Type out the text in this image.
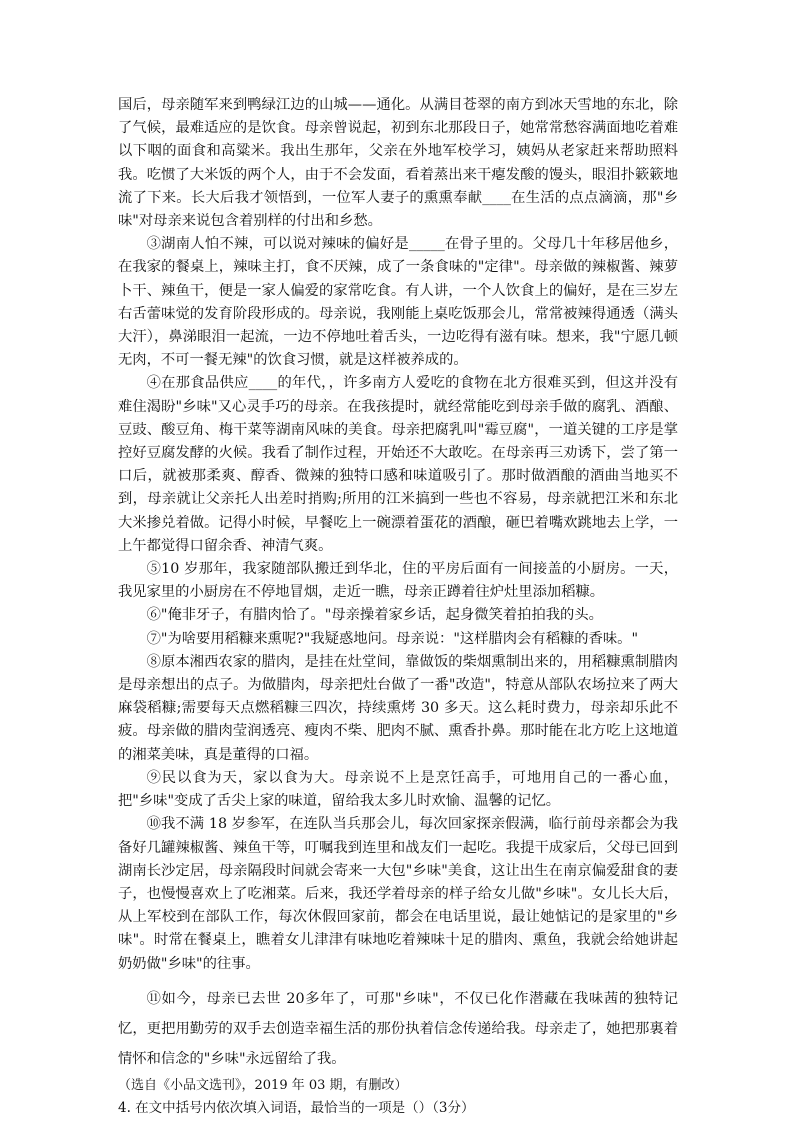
国后，母亲随军来到鸭绿江边的山城——通化。从满目苍翠的南方到冰天雪地的东北，除了气候，最难适应的是饮食。母亲曾说起，初到东北那段日子，她常常愁容满面地吃着难以下咽的面食和高粱米。我出生那年，父亲在外地军校学习，姨妈从老家赶来帮助照料我。吃惯了大米饭的两个人，由于不会发面，看着蒸出来干瘪发酸的馒头，眼泪扑簌簌地流了下来。长大后我才领悟到，一位军人妻子的熏熏奉献____在生活的点点滴滴，那"乡味"对母亲来说包含着别样的付出和乡愁。

③湖南人怕不辣，可以说对辣味的偏好是_____在骨子里的。父母几十年移居他乡，在我家的餐桌上，辣味主打，食不厌辣，成了一条食味的"定律"。母亲做的辣椒酱、辣萝卜干、辣鱼干，便是一家人偏爱的家常吃食。有人讲，一个人饮食上的偏好，是在三岁左右舌蕾味觉的发育阶段形成的。母亲说，我刚能上桌吃饭那会儿，常常被辣得通透（满头大汗），鼻涕眼泪一起流，一边不停地吐着舌头，一边吃得有滋有味。想来，我"宁愿几顿无肉，不可一餐无辣"的饮食习惯，就是这样被养成的。

④在那食品供应____的年代，，许多南方人爱吃的食物在北方很难买到，但这并没有难住渴盼"乡味"又心灵手巧的母亲。在我孩提时，就经常能吃到母亲手做的腐乳、酒酿、豆豉、酸豆角、梅干菜等湖南风味的美食。母亲把腐乳叫"霉豆腐"，一道关键的工序是掌控好豆腐发酵的火候。我看了制作过程，开始还不大敢吃。在母亲再三劝诱下，尝了第一口后，就被那柔爽、醇香、微辣的独特口感和味道吸引了。那时做酒酿的酒曲当地买不到，母亲就让父亲托人出差时捎购;所用的江米搞到一些也不容易，母亲就把江米和东北大米掺兑着做。记得小时候，早餐吃上一碗漂着蛋花的酒酿，砸巴着嘴欢跳地去上学，一上午都觉得口留余香、神清气爽。

⑤10 岁那年，我家随部队搬迁到华北，住的平房后面有一间接盖的小厨房。一天，我见家里的小厨房在不停地冒烟，走近一瞧，母亲正蹲着往炉灶里添加稻糠。

⑥"俺非牙子，有腊肉恰了。"母亲操着家乡话，起身微笑着拍拍我的头。

⑦"为啥要用稻糠来熏呢?"我疑惑地问。母亲说："这样腊肉会有稻糠的香味。"

⑧原本湘西农家的腊肉，是挂在灶堂间，靠做饭的柴烟熏制出来的，用稻糠熏制腊肉是母亲想出的点子。为做腊肉，母亲把灶台做了一番"改造"，特意从部队农场拉来了两大麻袋稻糠;需要每天点燃稻糠三四次，持续熏烤 30 多天。这么耗时费力，母亲却乐此不疲。母亲做的腊肉莹润透亮、瘦肉不柴、肥肉不腻、熏香扑鼻。那时能在北方吃上这地道的湘菜美味，真是董得的口福。

⑨民以食为天，家以食为大。母亲说不上是烹饪高手，可地用自己的一番心血，把"乡味"变成了舌尖上家的味道，留给我太多儿时欢愉、温馨的记忆。

⑩我不满 18 岁参军，在连队当兵那会儿，每次回家探亲假满，临行前母亲都会为我备好几罐辣椒酱、辣鱼干等，叮嘱我到连里和战友们一起吃。我提干成家后，父母已回到湖南长沙定居，母亲隔段时间就会寄来一大包"乡味"美食，这让出生在南京偏爱甜食的妻子，也慢慢喜欢上了吃湘菜。后来，我还学着母亲的样子给女儿做"乡味"。女儿长大后，从上军校到在部队工作，每次休假回家前，都会在电话里说，最让她惦记的是家里的"乡味"。时常在餐桌上，瞧着女儿津津有味地吃着辣味十足的腊肉、熏鱼，我就会给她讲起奶奶做"乡味"的往事。

⑪如今，母亲已去世 20多年了，可那"乡味"，不仅已化作潜藏在我味茜的独特记忆，更把用勤劳的双手去创造幸福生活的那份执着信念传递给我。母亲走了，她把那裏着情怀和信念的"乡味"永远留给了我。

（选自《小品文选刊》，2019 年 03 期，有删改）

4. 在文中括号内依次填入词语，最恰当的一项是（）（3分）
